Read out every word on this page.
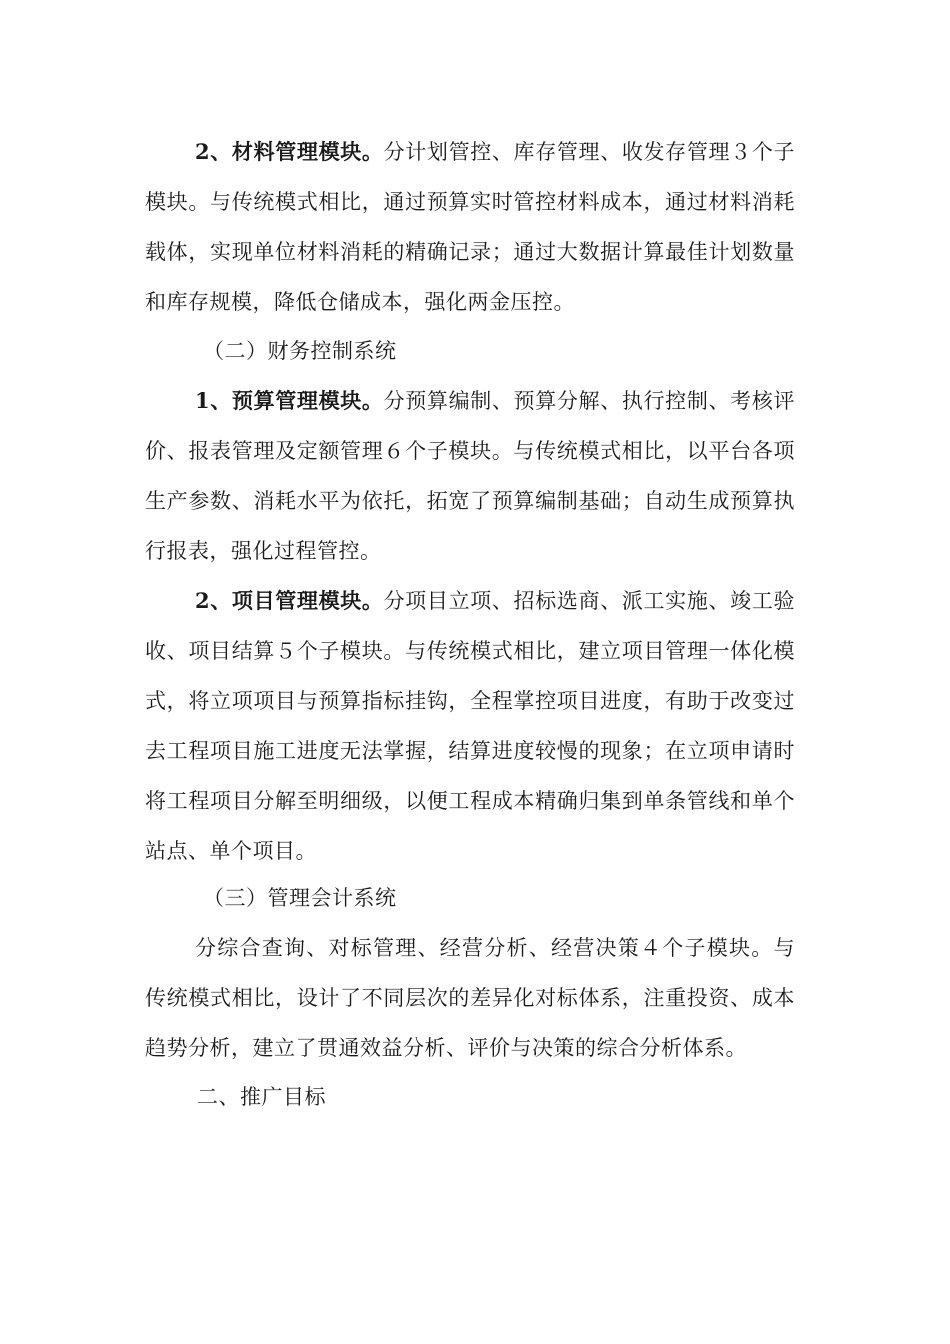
2、材料管理模块。分计划管控、库存管理、收发存管理３个子模块。与传统模式相比，通过预算实时管控材料成本，通过材料消耗载体，实现单位材料消耗的精确记录；通过大数据计算最佳计划数量和库存规模，降低仓储成本，强化两金压控。

（二）财务控制系统

1、预算管理模块。分预算编制、预算分解、执行控制、考核评价、报表管理及定额管理６个子模块。与传统模式相比，以平台各项生产参数、消耗水平为依托，拓宽了预算编制基础；自动生成预算执行报表，强化过程管控。

2、项目管理模块。分项目立项、招标选商、派工实施、竣工验收、项目结算５个子模块。与传统模式相比，建立项目管理一体化模式，将立项项目与预算指标挂钩，全程掌控项目进度，有助于改变过去工程项目施工进度无法掌握，结算进度较慢的现象；在立项申请时将工程项目分解至明细级，以便工程成本精确归集到单条管线和单个站点、单个项目。

（三）管理会计系统

分综合查询、对标管理、经营分析、经营决策４个子模块。与传统模式相比，设计了不同层次的差异化对标体系，注重投资、成本趋势分析，建立了贯通效益分析、评价与决策的综合分析体系。

二、推广目标
